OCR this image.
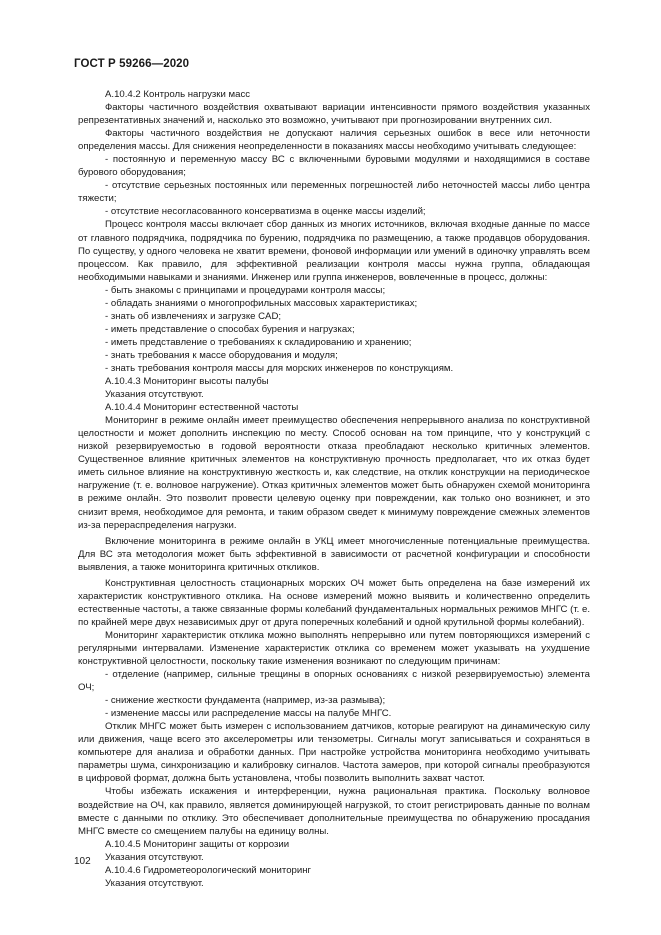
ГОСТ Р 59266—2020

А.10.4.2 Контроль нагрузки масс

Факторы частичного воздействия охватывают вариации интенсивности прямого воздействия указанных репрезентативных значений и, насколько это возможно, учитывают при прогнозировании внутренних сил.

Факторы частичного воздействия не допускают наличия серьезных ошибок в весе или неточности определения массы. Для снижения неопределенности в показаниях массы необходимо учитывать следующее:

- постоянную и переменную массу ВС с включенными буровыми модулями и находящимися в составе бурового оборудования;

- отсутствие серьезных постоянных или переменных погрешностей либо неточностей массы либо центра тяжести;

- отсутствие несогласованного консерватизма в оценке массы изделий;

Процесс контроля массы включает сбор данных из многих источников, включая входные данные по массе от главного подрядчика, подрядчика по бурению, подрядчика по размещению, а также продавцов оборудования. По существу, у одного человека не хватит времени, фоновой информации или умений в одиночку управлять всем процессом. Как правило, для эффективной реализации контроля массы нужна группа, обладающая необходимыми навыками и знаниями. Инженер или группа инженеров, вовлеченные в процесс, должны:

- быть знакомы с принципами и процедурами контроля массы;

- обладать знаниями о многопрофильных массовых характеристиках;

- знать об извлечениях и загрузке CAD;

- иметь представление о способах бурения и нагрузках;

- иметь представление о требованиях к складированию и хранению;

- знать требования к массе оборудования и модуля;

- знать требования контроля массы для морских инженеров по конструкциям.

А.10.4.3 Мониторинг высоты палубы

Указания отсутствуют.

А.10.4.4 Мониторинг естественной частоты

Мониторинг в режиме онлайн имеет преимущество обеспечения непрерывного анализа по конструктивной целостности и может дополнить инспекцию по месту. Способ основан на том принципе, что у конструкций с низкой резервируемостью в годовой вероятности отказа преобладают несколько критичных элементов. Существенное влияние критичных элементов на конструктивную прочность предполагает, что их отказ будет иметь сильное влияние на конструктивную жесткость и, как следствие, на отклик конструкции на периодическое нагружение (т. е. волновое нагружение). Отказ критичных элементов может быть обнаружен схемой мониторинга в режиме онлайн. Это позволит провести целевую оценку при повреждении, как только оно возникнет, и это снизит время, необходимое для ремонта, и таким образом сведет к минимуму повреждение смежных элементов из-за перераспределения нагрузки.

Включение мониторинга в режиме онлайн в УКЦ имеет многочисленные потенциальные преимущества. Для ВС эта методология может быть эффективной в зависимости от расчетной конфигурации и способности выявления, а также мониторинга критичных откликов.

Конструктивная целостность стационарных морских ОЧ может быть определена на базе измерений их характеристик конструктивного отклика. На основе измерений можно выявить и количественно определить естественные частоты, а также связанные формы колебаний фундаментальных нормальных режимов МНГС (т. е. по крайней мере двух независимых друг от друга поперечных колебаний и одной крутильной формы колебаний).

Мониторинг характеристик отклика можно выполнять непрерывно или путем повторяющихся измерений с регулярными интервалами. Изменение характеристик отклика со временем может указывать на ухудшение конструктивной целостности, поскольку такие изменения возникают по следующим причинам:

- отделение (например, сильные трещины в опорных основаниях с низкой резервируемостью) элемента ОЧ;

- снижение жесткости фундамента (например, из-за размыва);

- изменение массы или распределение массы на палубе МНГС.

Отклик МНГС может быть измерен с использованием датчиков, которые реагируют на динамическую силу или движения, чаще всего это акселерометры или тензометры. Сигналы могут записываться и сохраняться в компьютере для анализа и обработки данных. При настройке устройства мониторинга необходимо учитывать параметры шума, синхронизацию и калибровку сигналов. Частота замеров, при которой сигналы преобразуются в цифровой формат, должна быть установлена, чтобы позволить выполнить захват частот.

Чтобы избежать искажения и интерференции, нужна рациональная практика. Поскольку волновое воздействие на ОЧ, как правило, является доминирующей нагрузкой, то стоит регистрировать данные по волнам вместе с данными по отклику. Это обеспечивает дополнительные преимущества по обнаружению просадания МНГС вместе со смещением палубы на единицу волны.

А.10.4.5 Мониторинг защиты от коррозии

Указания отсутствуют.

А.10.4.6 Гидрометеорологический мониторинг

Указания отсутствуют.

102
